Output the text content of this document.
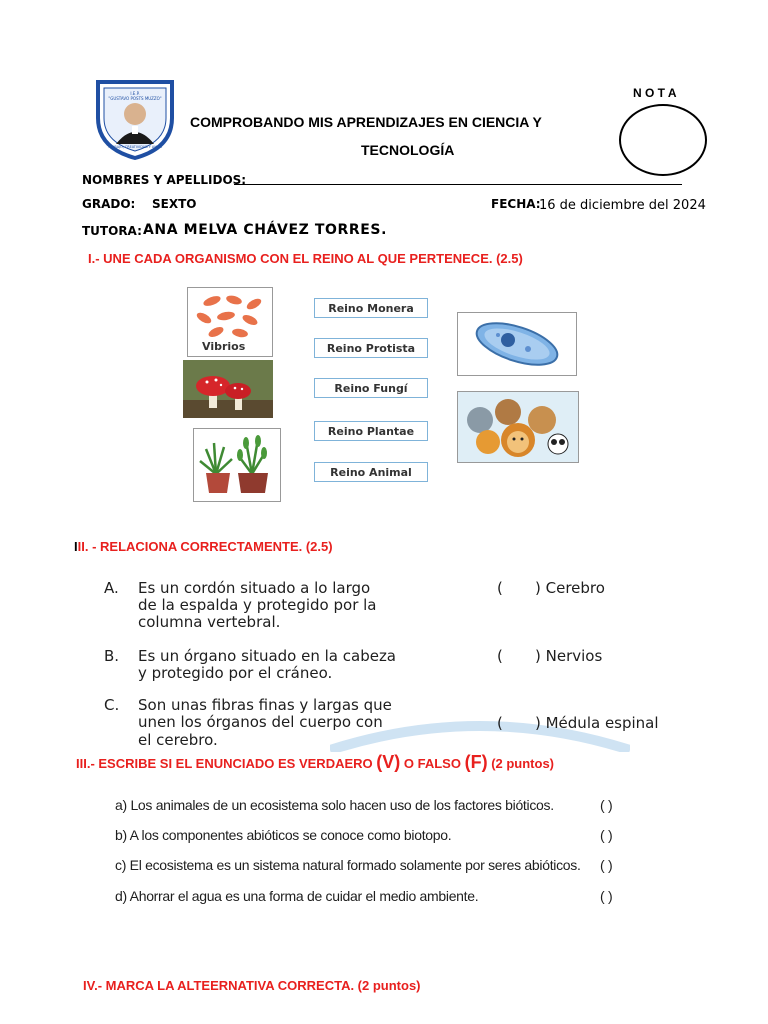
I.E.P.
"GUSTAVO POSTS MUZZO"
TRABAJO, CREATIVIDAD Y AMOR
COMPROBANDO MIS APRENDIZAJES EN CIENCIA Y
TECNOLOGÍA
N O T A
NOMBRES Y APELLIDOS:
GRADO: SEXTO	FECHA:
16 de diciembre del 2024
TUTORA: ANA MELVA CHÁVEZ TORRES.
I.- UNE CADA ORGANISMO CON EL REINO AL QUE PERTENECE. (2.5)
Vibrios
Reino Monera
Reino Protista
Reino Fungí
Reino Plantae
Reino Animal
III. - RELACIONA CORRECTAMENTE. (2.5)
A. Es un cordón situado a lo largo
de la espalda y protegido por la
columna vertebral.
( ) Cerebro
B. Es un órgano situado en la cabeza
y protegido por el cráneo.
( ) Nervios
C. Son unas fibras finas y largas que
unen los órganos del cuerpo con
el cerebro.
( ) Médula espinal
III.- ESCRIBE SI EL ENUNCIADO ES VERDAERO (V) O FALSO (F) (2 puntos)
a) Los animales de un ecosistema solo hacen uso de los factores bióticos.	( )
b) A los componentes abióticos se conoce como biotopo.	( )
c) El ecosistema es un sistema natural formado solamente por seres abióticos. ( )
d) Ahorrar el agua es una forma de cuidar el medio ambiente.	( )
IV.- MARCA LA ALTEERNATIVA CORRECTA. (2 puntos)
